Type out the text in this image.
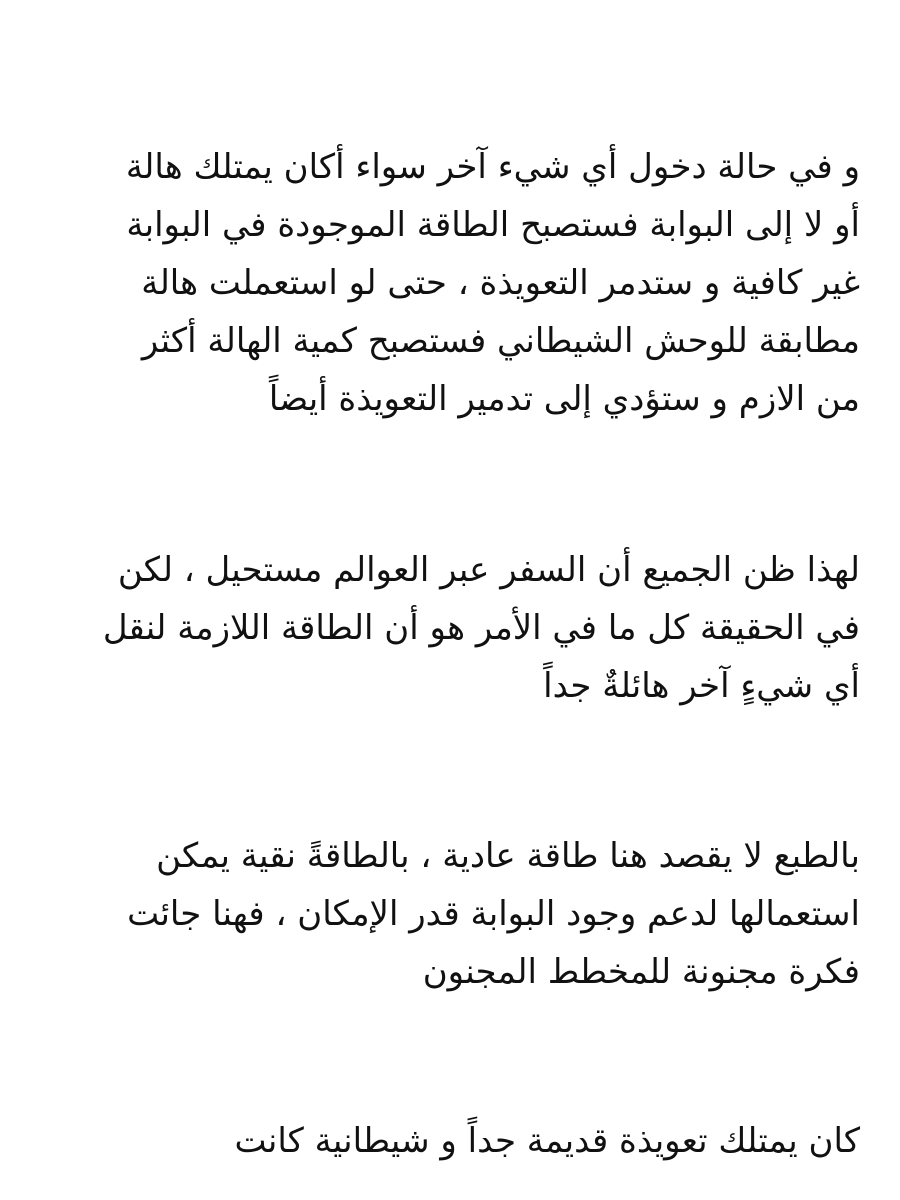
و في حالة دخول أي شيء آخر سواء أكان يمتلك هالة
أو لا إلى البوابة فستصبح الطاقة الموجودة في البوابة
غير كافية و ستدمر التعويذة ، حتى لو استعملت هالة
مطابقة للوحش الشيطاني فستصبح كمية الهالة أكثر
من الازم و ستؤدي إلى تدمير التعويذة أيضاً
لهذا ظن الجميع أن السفر عبر العوالم مستحيل ، لكن
في الحقيقة كل ما في الأمر هو أن الطاقة اللازمة لنقل
أي شيءٍ آخر هائلةٌ جداً
بالطبع لا يقصد هنا طاقة عادية ، بالطاقةً نقية يمكن
استعمالها لدعم وجود البوابة قدر الإمكان ، فهنا جائت
فكرة مجنونة للمخطط المجنون
كان يمتلك تعويذة قديمة جداً و شيطانية كانت
